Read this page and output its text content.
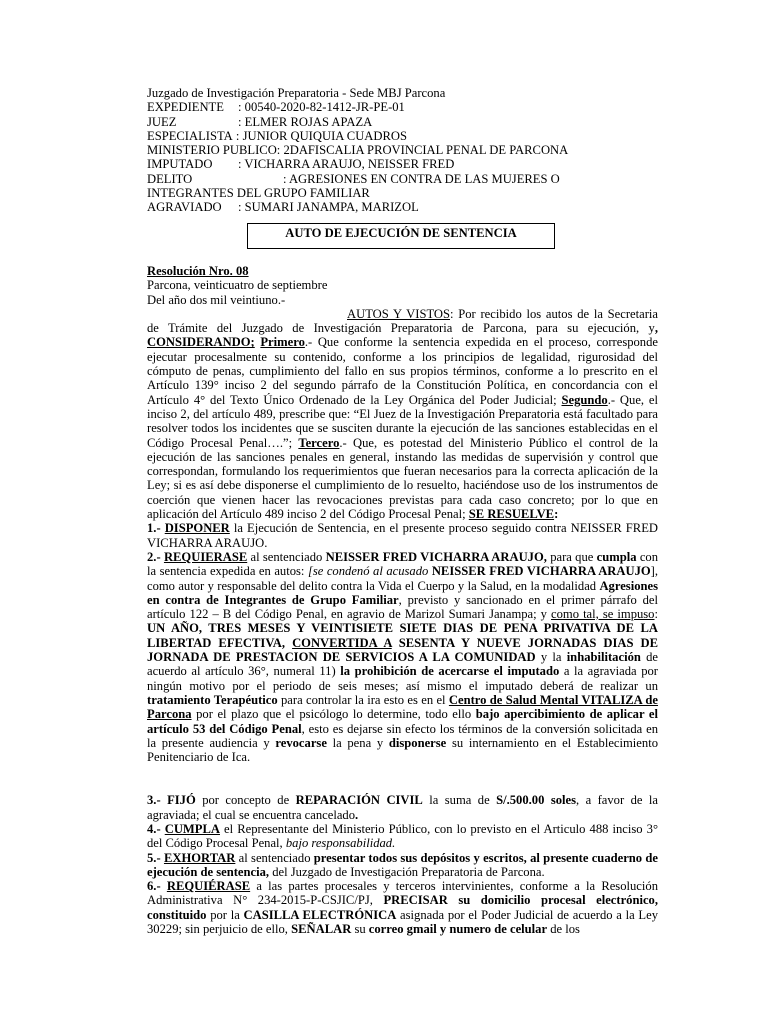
Juzgado de Investigación Preparatoria - Sede MBJ Parcona
EXPEDIENTE : 00540-2020-82-1412-JR-PE-01
JUEZ	: ELMER ROJAS APAZA
ESPECIALISTA : JUNIOR QUIQUIA CUADROS
MINISTERIO PUBLICO: 2DAFISCALIA PROVINCIAL PENAL DE PARCONA
IMPUTADO : VICHARRA ARAUJO, NEISSER FRED
DELITO	: AGRESIONES EN CONTRA DE LAS MUJERES O
INTEGRANTES DEL GRUPO FAMILIAR
AGRAVIADO : SUMARI JANAMPA, MARIZOL
AUTO DE EJECUCIÓN DE SENTENCIA
Resolución Nro. 08
Parcona, veinticuatro de septiembre
Del año dos mil veintiuno.-
AUTOS Y VISTOS: Por recibido los autos de la Secretaria de Trámite del Juzgado de Investigación Preparatoria de Parcona, para su ejecución, y, CONSIDERANDO; Primero.- Que conforme la sentencia expedida en el proceso, corresponde ejecutar procesalmente su contenido, conforme a los principios de legalidad, rigurosidad del cómputo de penas, cumplimiento del fallo en sus propios términos, conforme a lo prescrito en el Artículo 139° inciso 2 del segundo párrafo de la Constitución Política, en concordancia con el Artículo 4° del Texto Único Ordenado de la Ley Orgánica del Poder Judicial; Segundo.- Que, el inciso 2, del artículo 489, prescribe que: “El Juez de la Investigación Preparatoria está facultado para resolver todos los incidentes que se susciten durante la ejecución de las sanciones establecidas en el Código Procesal Penal….”; Tercero.- Que, es potestad del Ministerio Público el control de la ejecución de las sanciones penales en general, instando las medidas de supervisión y control que correspondan, formulando los requerimientos que fueran necesarios para la correcta aplicación de la Ley; si es así debe disponerse el cumplimiento de lo resuelto, haciéndose uso de los instrumentos de coerción que vienen hacer las revocaciones previstas para cada caso concreto; por lo que en aplicación del Artículo 489 inciso 2 del Código Procesal Penal; SE RESUELVE:
1.- DISPONER la Ejecución de Sentencia, en el presente proceso seguido contra NEISSER FRED VICHARRA ARAUJO.
2.- REQUIERASE al sentenciado NEISSER FRED VICHARRA ARAUJO, para que cumpla con la sentencia expedida en autos: [se condenó al acusado NEISSER FRED VICHARRA ARAUJO], como autor y responsable del delito contra la Vida el Cuerpo y la Salud, en la modalidad Agresiones en contra de Integrantes de Grupo Familiar, previsto y sancionado en el primer párrafo del artículo 122 – B del Código Penal, en agravio de Marizol Sumari Janampa; y como tal, se impuso: UN AÑO, TRES MESES Y VEINTISIETE SIETE DIAS DE PENA PRIVATIVA DE LA LIBERTAD EFECTIVA, CONVERTIDA A SESENTA Y NUEVE JORNADAS DIAS DE JORNADA DE PRESTACION DE SERVICIOS A LA COMUNIDAD y la inhabilitación de acuerdo al artículo 36°, numeral 11) la prohibición de acercarse el imputado a la agraviada por ningún motivo por el periodo de seis meses; así mismo el imputado deberá de realizar un tratamiento Terapéutico para controlar la ira esto es en el Centro de Salud Mental VITALIZA de Parcona por el plazo que el psicólogo lo determine, todo ello bajo apercibimiento de aplicar el artículo 53 del Código Penal, esto es dejarse sin efecto los términos de la conversión solicitada en la presente audiencia y revocarse la pena y disponerse su internamiento en el Establecimiento Penitenciario de Ica.
3.- FIJÓ por concepto de REPARACIÓN CIVIL la suma de S/.500.00 soles, a favor de la agraviada; el cual se encuentra cancelado.
4.- CUMPLA el Representante del Ministerio Público, con lo previsto en el Articulo 488 inciso 3° del Código Procesal Penal, bajo responsabilidad.
5.- EXHORTAR al sentenciado presentar todos sus depósitos y escritos, al presente cuaderno de ejecución de sentencia, del Juzgado de Investigación Preparatoria de Parcona.
6.- REQUIÉRASE a las partes procesales y terceros intervinientes, conforme a la Resolución Administrativa N° 234-2015-P-CSJIC/PJ, PRECISAR su domicilio procesal electrónico, constituido por la CASILLA ELECTRÓNICA asignada por el Poder Judicial de acuerdo a la Ley 30229; sin perjuicio de ello, SEÑALAR su correo gmail y numero de celular de los
